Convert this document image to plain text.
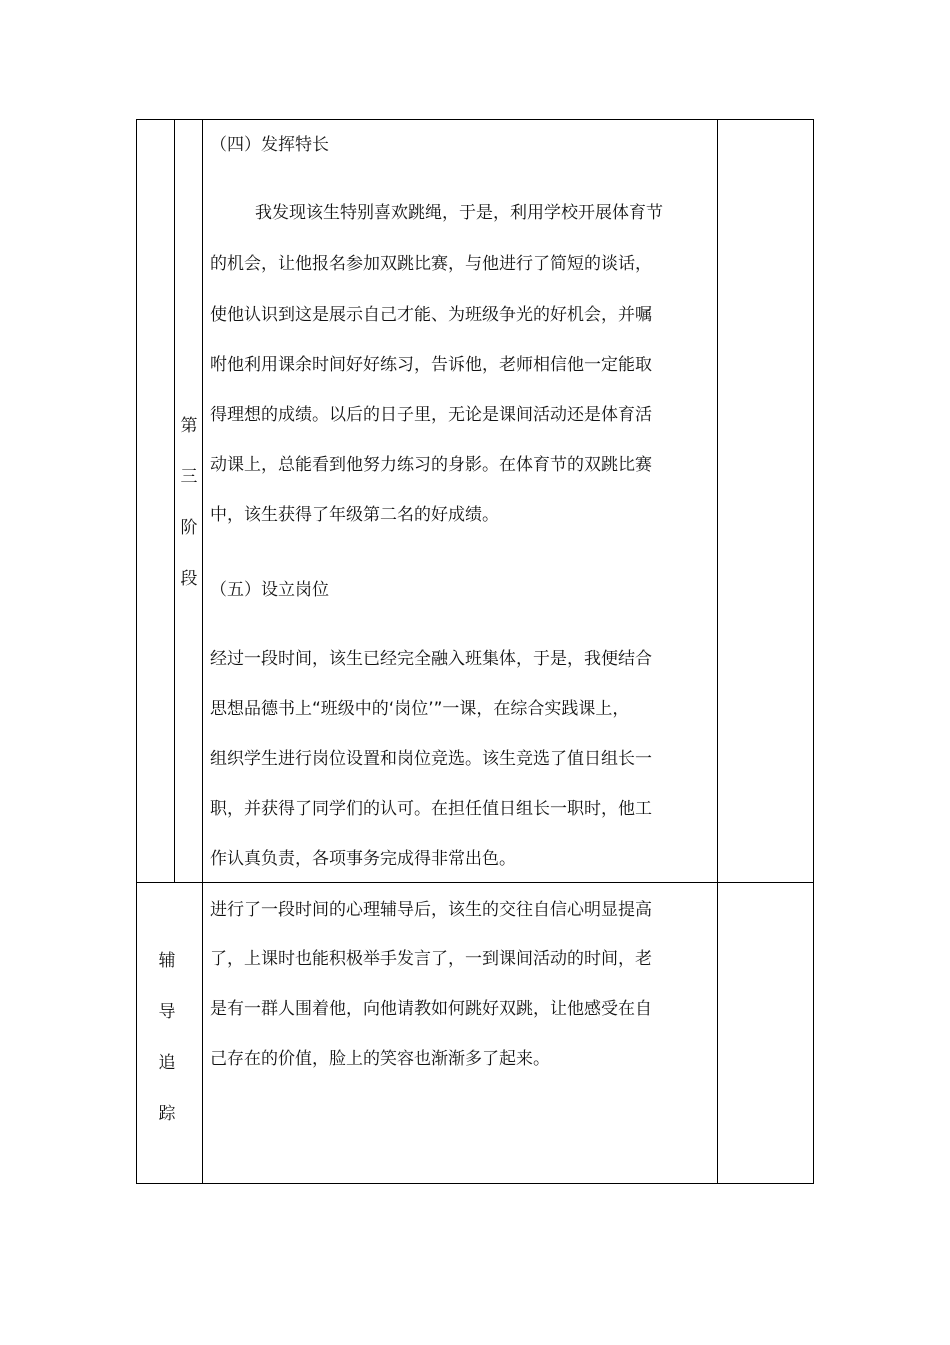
第
三
阶
段
（四）发挥特长
我发现该生特别喜欢跳绳，于是，利用学校开展体育节
的机会，让他报名参加双跳比赛，与他进行了简短的谈话，
使他认识到这是展示自己才能、为班级争光的好机会，并嘱
咐他利用课余时间好好练习，告诉他，老师相信他一定能取
得理想的成绩。以后的日子里，无论是课间活动还是体育活
动课上，总能看到他努力练习的身影。在体育节的双跳比赛
中，该生获得了年级第二名的好成绩。
（五）设立岗位
经过一段时间，该生已经完全融入班集体，于是，我便结合
思想品德书上“班级中的‘岗位’”一课，在综合实践课上，
组织学生进行岗位设置和岗位竞选。该生竞选了值日组长一
职，并获得了同学们的认可。在担任值日组长一职时，他工
作认真负责，各项事务完成得非常出色。
辅
导
追
踪
进行了一段时间的心理辅导后，该生的交往自信心明显提高
了，上课时也能积极举手发言了，一到课间活动的时间，老
是有一群人围着他，向他请教如何跳好双跳，让他感受在自
己存在的价值，脸上的笑容也渐渐多了起来。
